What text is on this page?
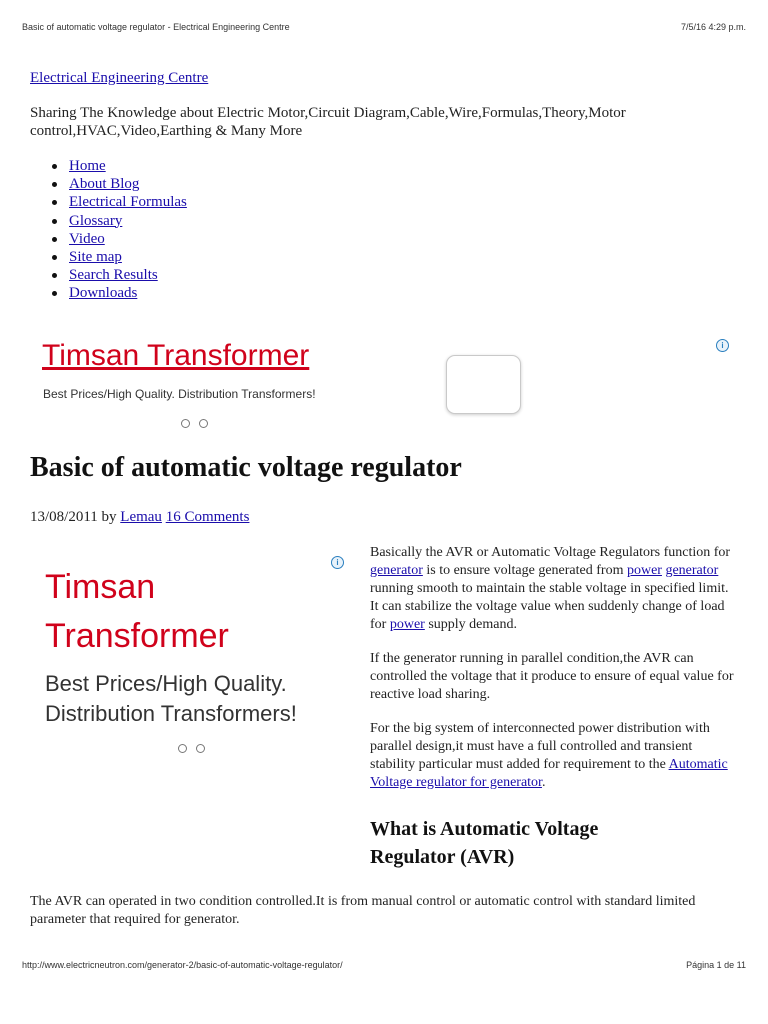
Basic of automatic voltage regulator - Electrical Engineering Centre	7/5/16 4:29 p.m.
Electrical Engineering Centre
Sharing The Knowledge about Electric Motor,Circuit Diagram,Cable,Wire,Formulas,Theory,Motor control,HVAC,Video,Earthing & Many More
Home
About Blog
Electrical Formulas
Glossary
Video
Site map
Search Results
Downloads
Timsan Transformer
Best Prices/High Quality. Distribution Transformers!
i
Basic of automatic voltage regulator
13/08/2011 by Lemau 16 Comments
Timsan Transformer
Best Prices/High Quality. Distribution Transformers!
i

Basically the AVR or Automatic Voltage Regulators function for generator is to ensure voltage generated from power generator running smooth to maintain the stable voltage in specified limit. It can stabilize the voltage value when suddenly change of load for power supply demand.

If the generator running in parallel condition,the AVR can controlled the voltage that it produce to ensure of equal value for reactive load sharing.

For the big system of interconnected power distribution with parallel design,it must have a full controlled and transient stability particular must added for requirement to the Automatic Voltage regulator for generator.

What is Automatic Voltage Regulator (AVR)

The AVR can operated in two condition controlled.It is from manual control or automatic control with standard limited parameter that required for generator.

http://www.electricneutron.com/generator-2/basic-of-automatic-voltage-regulator/	Página 1 de 11
